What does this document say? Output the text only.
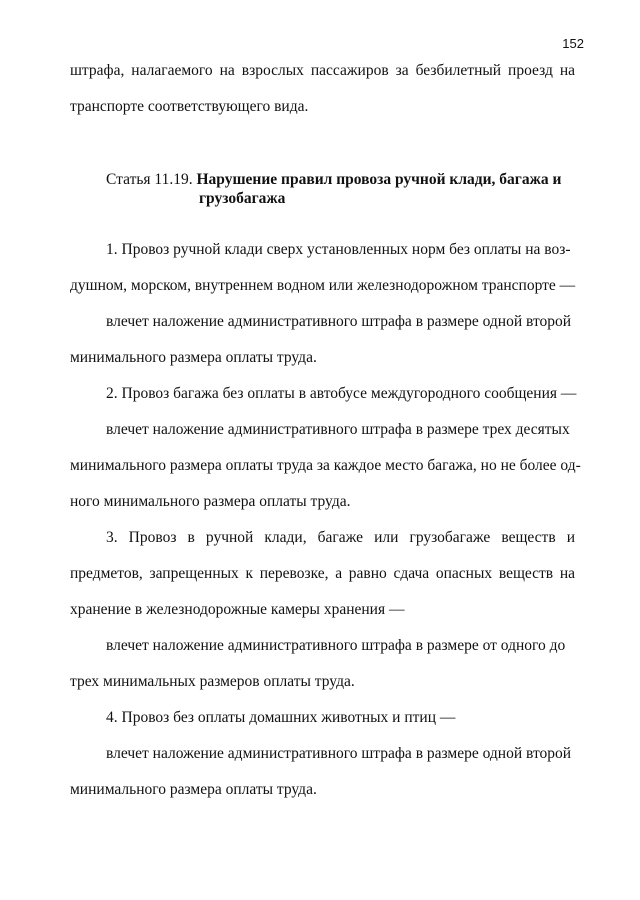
152
штрафа, налагаемого на взрослых пассажиров за безбилетный проезд на
транспорте соответствующего вида.
Статья 11.19. Нарушение правил провоза ручной клади, багажа и
грузобагажа
1. Провоз ручной клади сверх установленных норм без оплаты на воз-
душном, морском, внутреннем водном или железнодорожном транспорте —
влечет наложение административного штрафа в размере одной второй
минимального размера оплаты труда.
2. Провоз багажа без оплаты в автобусе междугородного сообщения —
влечет наложение административного штрафа в размере трех десятых
минимального размера оплаты труда за каждое место багажа, но не более од-
ного минимального размера оплаты труда.
3. Провоз в ручной клади, багаже или грузобагаже веществ и
предметов, запрещенных к перевозке, а равно сдача опасных веществ на
хранение в железнодорожные камеры хранения —
влечет наложение административного штрафа в размере от одного до
трех минимальных размеров оплаты труда.
4. Провоз без оплаты домашних животных и птиц —
влечет наложение административного штрафа в размере одной второй
минимального размера оплаты труда.
